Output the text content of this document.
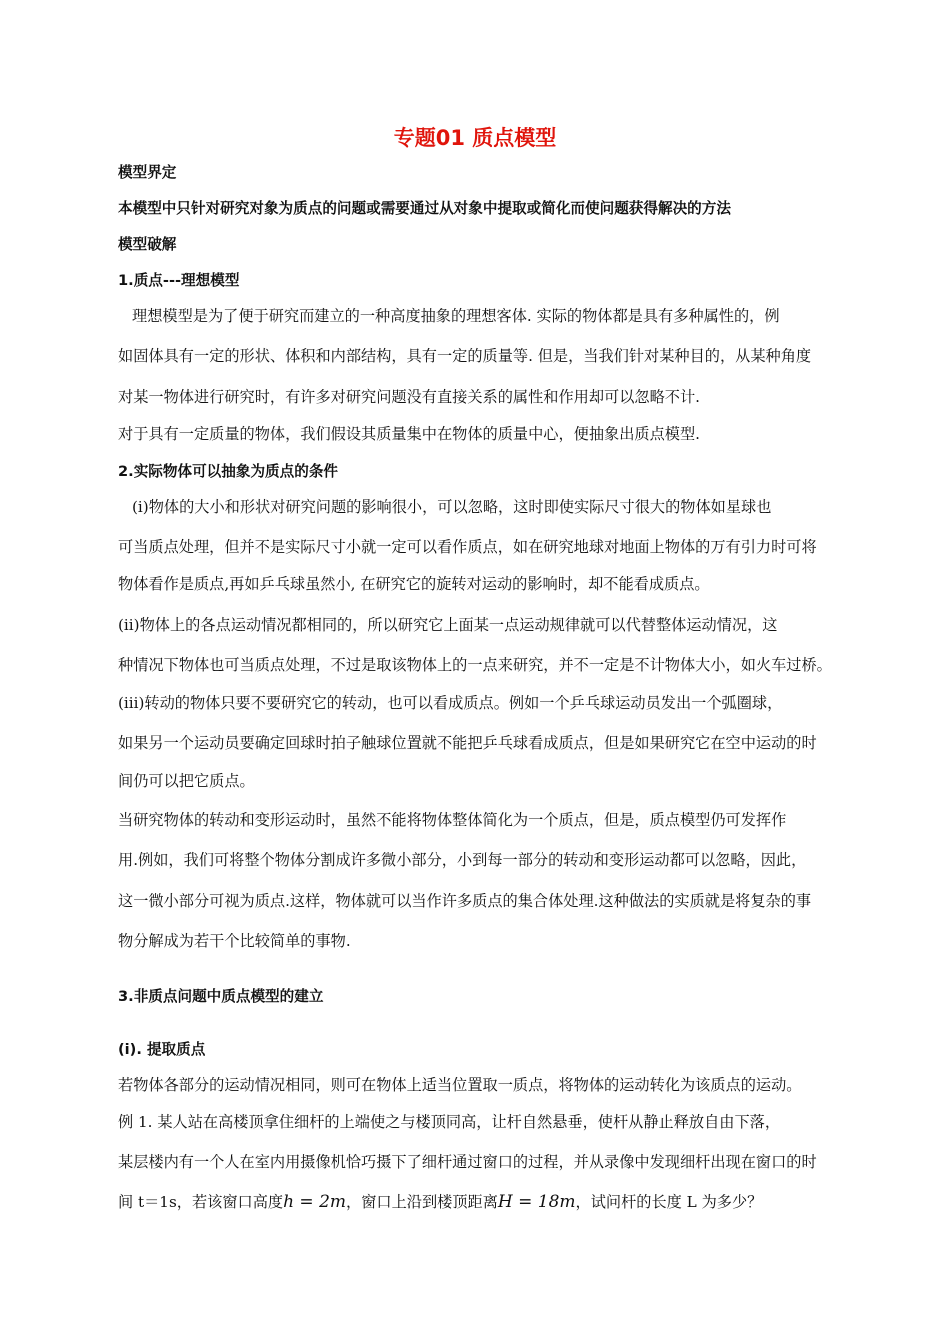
专题01 质点模型
模型界定
本模型中只针对研究对象为质点的问题或需要通过从对象中提取或简化而使问题获得解决的方法
模型破解
1.质点---理想模型
理想模型是为了便于研究而建立的一种高度抽象的理想客体. 实际的物体都是具有多种属性的，例
如固体具有一定的形状、体积和内部结构，具有一定的质量等. 但是，当我们针对某种目的，从某种角度
对某一物体进行研究时，有许多对研究问题没有直接关系的属性和作用却可以忽略不计.
对于具有一定质量的物体，我们假设其质量集中在物体的质量中心，便抽象出质点模型.
2.实际物体可以抽象为质点的条件
(i)物体的大小和形状对研究问题的影响很小，可以忽略，这时即使实际尺寸很大的物体如星球也
可当质点处理，但并不是实际尺寸小就一定可以看作质点，如在研究地球对地面上物体的万有引力时可将
物体看作是质点,再如乒乓球虽然小, 在研究它的旋转对运动的影响时，却不能看成质点。
(ii)物体上的各点运动情况都相同的，所以研究它上面某一点运动规律就可以代替整体运动情况，这
种情况下物体也可当质点处理，不过是取该物体上的一点来研究，并不一定是不计物体大小，如火车过桥。
(iii)转动的物体只要不要研究它的转动，也可以看成质点。例如一个乒乓球运动员发出一个弧圈球，
如果另一个运动员要确定回球时拍子触球位置就不能把乒乓球看成质点，但是如果研究它在空中运动的时
间仍可以把它质点。
当研究物体的转动和变形运动时，虽然不能将物体整体简化为一个质点，但是，质点模型仍可发挥作
用.例如，我们可将整个物体分割成许多微小部分，小到每一部分的转动和变形运动都可以忽略，因此，
这一微小部分可视为质点.这样，物体就可以当作许多质点的集合体处理.这种做法的实质就是将复杂的事
物分解成为若干个比较简单的事物.
3.非质点问题中质点模型的建立
(i). 提取质点
若物体各部分的运动情况相同，则可在物体上适当位置取一质点，将物体的运动转化为该质点的运动。
例 1. 某人站在高楼顶拿住细杆的上端使之与楼顶同高，让杆自然悬垂，使杆从静止释放自由下落，
某层楼内有一个人在室内用摄像机恰巧摄下了细杆通过窗口的过程，并从录像中发现细杆出现在窗口的时
间 t＝1s，若该窗口高度h = 2m，窗口上沿到楼顶距离H = 18m，试问杆的长度 L 为多少？
